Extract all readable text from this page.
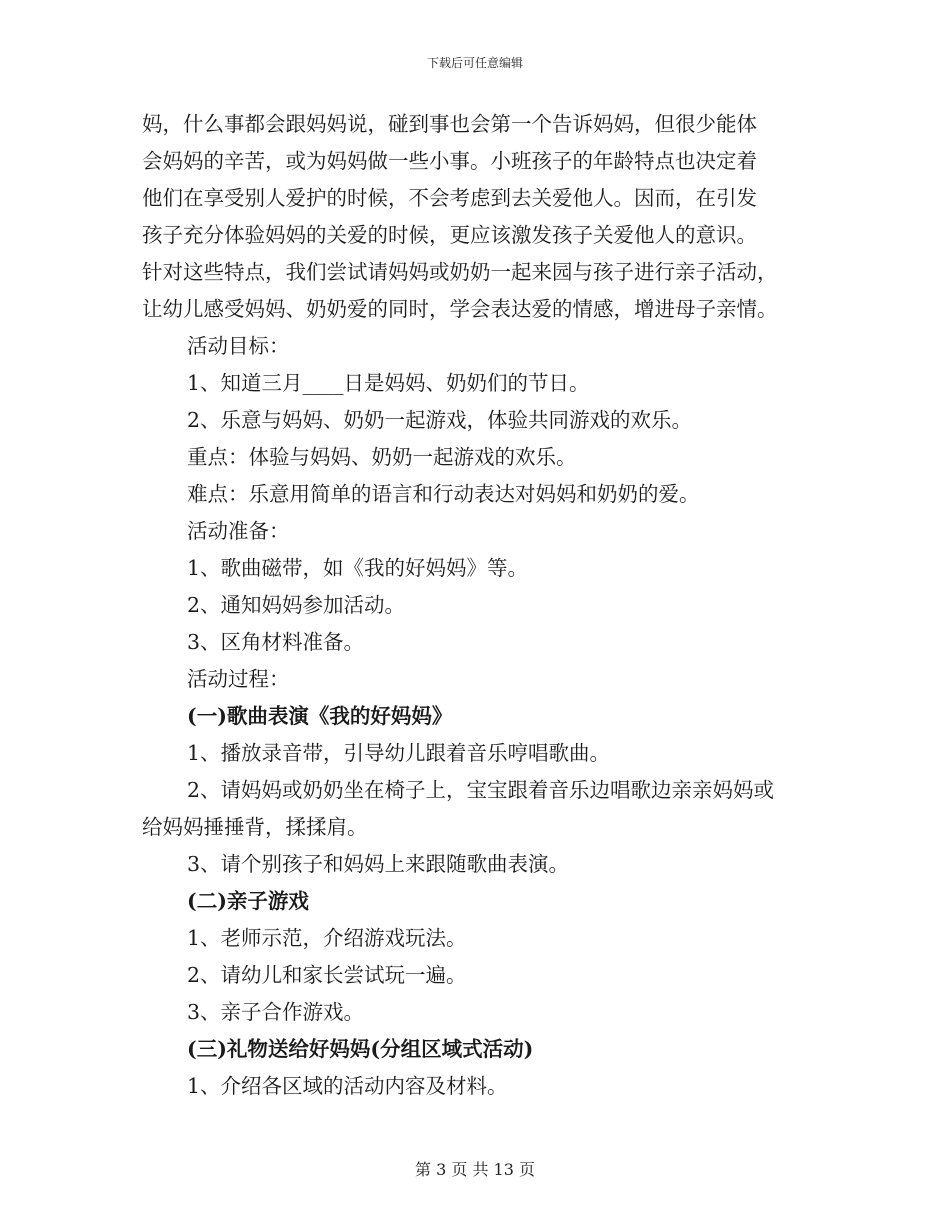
下载后可任意编辑

妈，什么事都会跟妈妈说，碰到事也会第一个告诉妈妈，但很少能体

会妈妈的辛苦，或为妈妈做一些小事。小班孩子的年龄特点也决定着

他们在享受别人爱护的时候，不会考虑到去关爱他人。因而，在引发

孩子充分体验妈妈的关爱的时候，更应该激发孩子关爱他人的意识。

针对这些特点，我们尝试请妈妈或奶奶一起来园与孩子进行亲子活动，

让幼儿感受妈妈、奶奶爱的同时，学会表达爱的情感，增进母子亲情。

活动目标：

1、知道三月____日是妈妈、奶奶们的节日。

2、乐意与妈妈、奶奶一起游戏，体验共同游戏的欢乐。

重点：体验与妈妈、奶奶一起游戏的欢乐。

难点：乐意用简单的语言和行动表达对妈妈和奶奶的爱。

活动准备：

1、歌曲磁带，如《我的好妈妈》等。

2、通知妈妈参加活动。

3、区角材料准备。

活动过程：

(一)歌曲表演《我的好妈妈》

1、播放录音带，引导幼儿跟着音乐哼唱歌曲。

2、请妈妈或奶奶坐在椅子上，宝宝跟着音乐边唱歌边亲亲妈妈或

给妈妈捶捶背，揉揉肩。

3、请个别孩子和妈妈上来跟随歌曲表演。

(二)亲子游戏

1、老师示范，介绍游戏玩法。

2、请幼儿和家长尝试玩一遍。

3、亲子合作游戏。

(三)礼物送给好妈妈(分组区域式活动)

1、介绍各区域的活动内容及材料。

第 3 页 共 13 页
